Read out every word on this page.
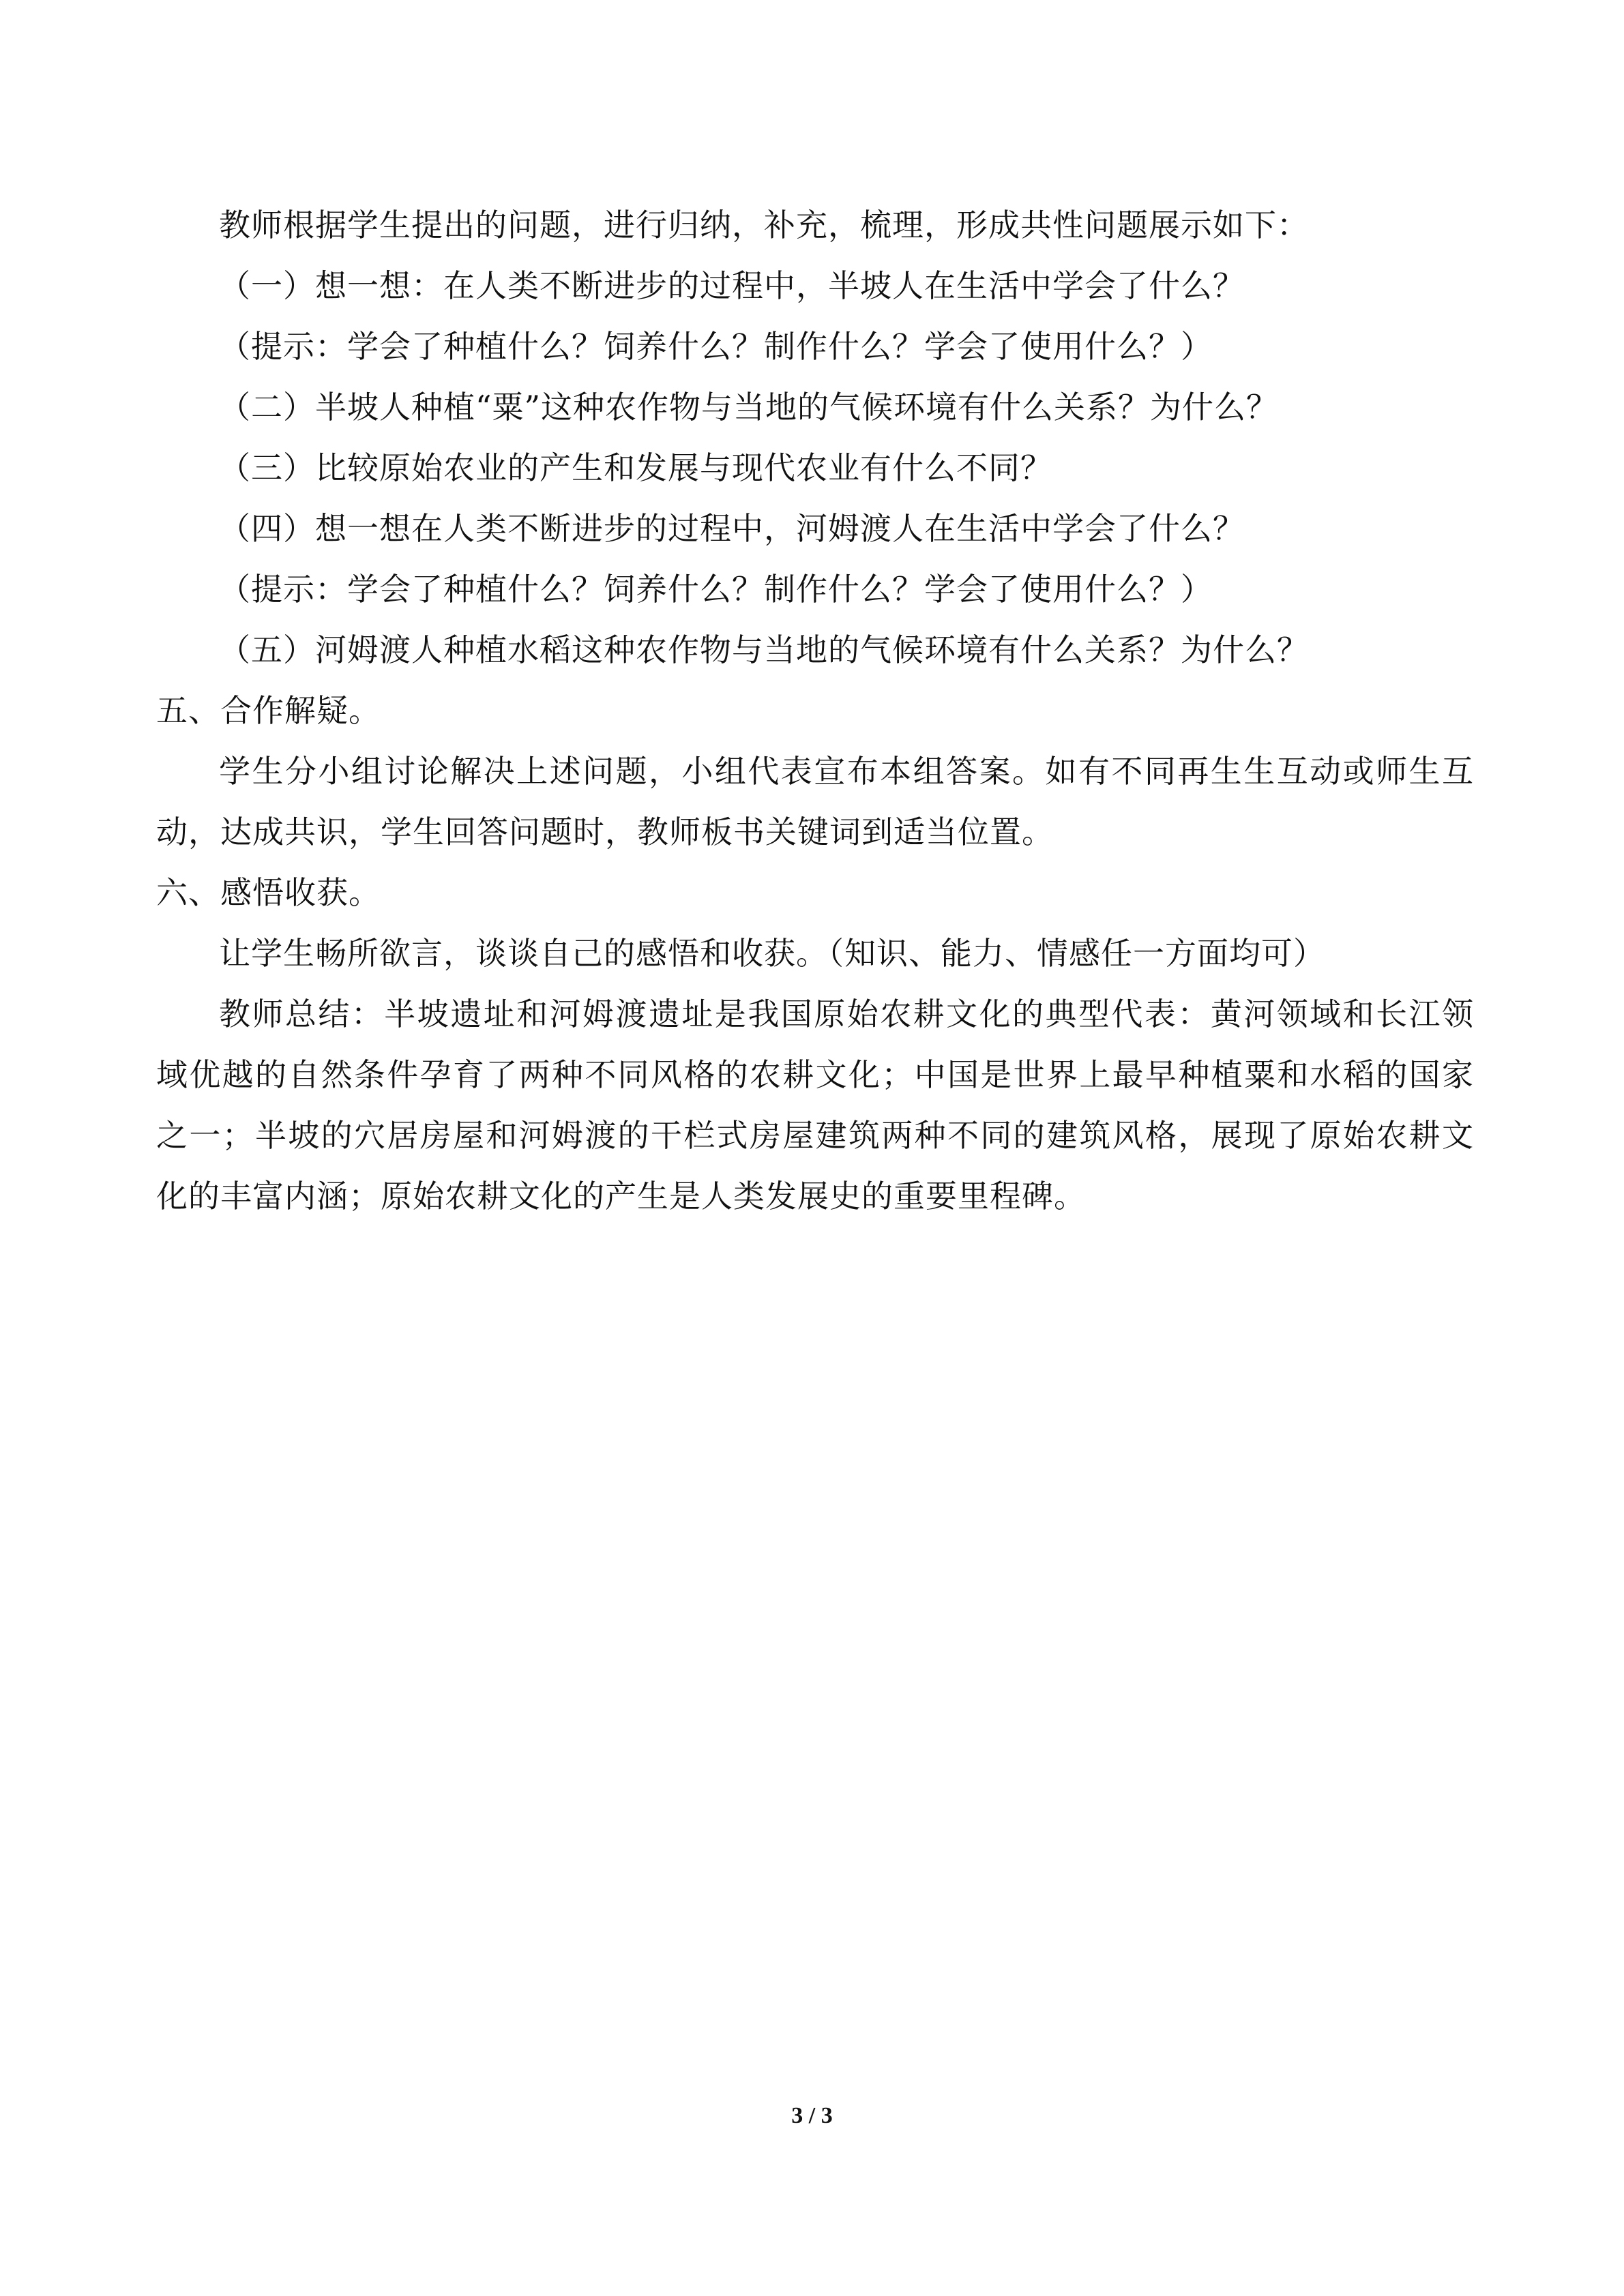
教师根据学生提出的问题，进行归纳，补充，梳理，形成共性问题展示如下：
（一）想一想：在人类不断进步的过程中，半坡人在生活中学会了什么？
（提示：学会了种植什么？饲养什么？制作什么？学会了使用什么？）
（二）半坡人种植“粟”这种农作物与当地的气候环境有什么关系？为什么？
（三）比较原始农业的产生和发展与现代农业有什么不同？
（四）想一想在人类不断进步的过程中，河姆渡人在生活中学会了什么？
（提示：学会了种植什么？饲养什么？制作什么？学会了使用什么？）
（五）河姆渡人种植水稻这种农作物与当地的气候环境有什么关系？为什么？
五、合作解疑。
学生分小组讨论解决上述问题，小组代表宣布本组答案。如有不同再生生互动或师生互
动，达成共识，学生回答问题时，教师板书关键词到适当位置。
六、感悟收获。
让学生畅所欲言，谈谈自己的感悟和收获。（知识、能力、情感任一方面均可）
教师总结：半坡遗址和河姆渡遗址是我国原始农耕文化的典型代表：黄河领域和长江领
域优越的自然条件孕育了两种不同风格的农耕文化；中国是世界上最早种植粟和水稻的国家
之一；半坡的穴居房屋和河姆渡的干栏式房屋建筑两种不同的建筑风格，展现了原始农耕文
化的丰富内涵；原始农耕文化的产生是人类发展史的重要里程碑。
3 / 3
